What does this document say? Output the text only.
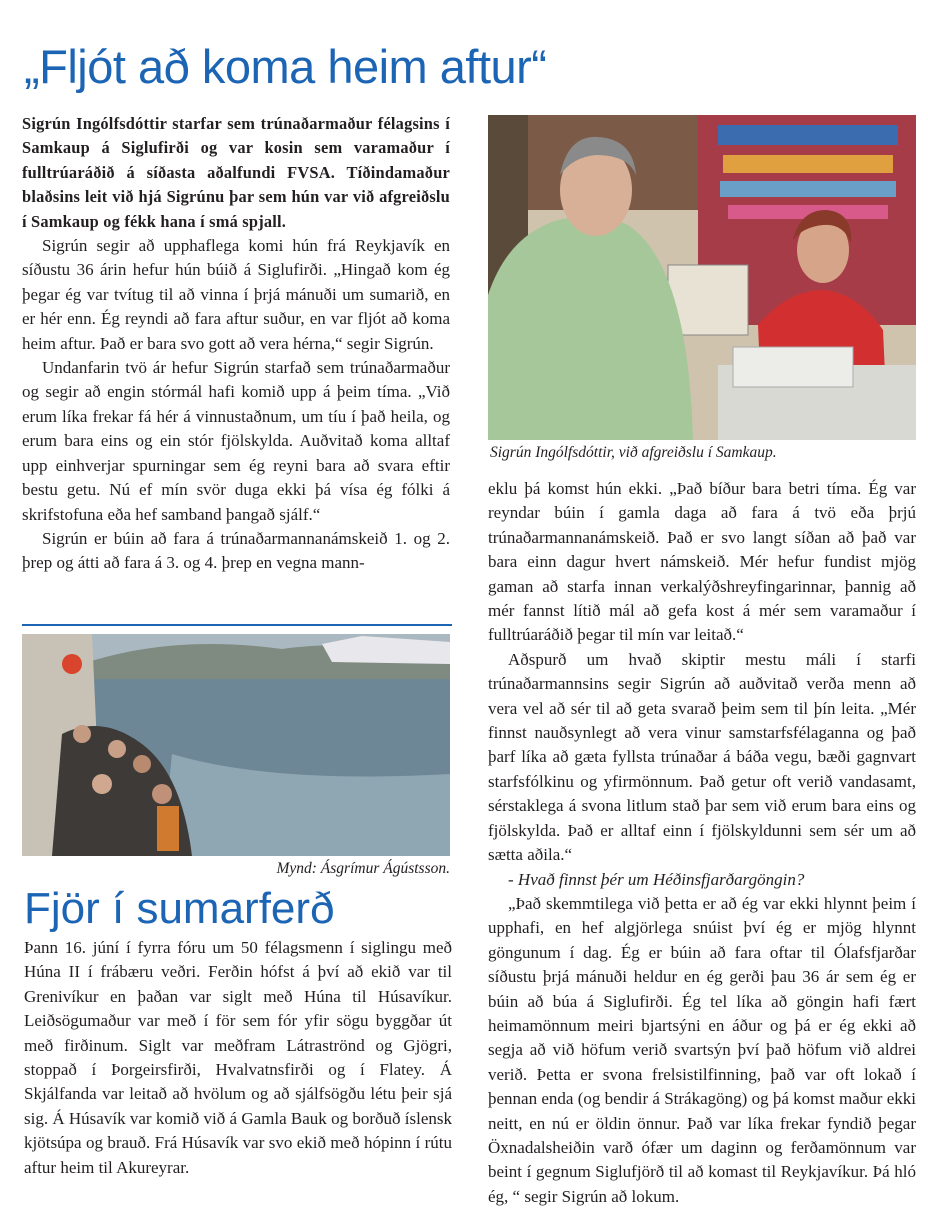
„Fljót að koma heim aftur“

Sigrún Ingólfsdóttir starfar sem trúnaðarmaður félagsins í Samkaup á Siglufirði og var kosin sem varamaður í fulltrúaráðið á síðasta aðalfundi FVSA. Tíðindamaður blaðsins leit við hjá Sigrúnu þar sem hún var við afgreiðslu í Samkaup og fékk hana í smá spjall.

Sigrún segir að upphaflega komi hún frá Reykjavík en síðustu 36 árin hefur hún búið á Siglufirði. „Hingað kom ég þegar ég var tvítug til að vinna í þrjá mánuði um sumarið, en er hér enn. Ég reyndi að fara aftur suður, en var fljót að koma heim aftur. Það er bara svo gott að vera hérna,“ segir Sigrún.

Undanfarin tvö ár hefur Sigrún starfað sem trúnaðarmaður og segir að engin stórmál hafi komið upp á þeim tíma. „Við erum líka frekar fá hér á vinnustaðnum, um tíu í það heila, og erum bara eins og ein stór fjölskylda. Auðvitað koma alltaf upp einhverjar spurningar sem ég reyni bara að svara eftir bestu getu. Nú ef mín svör duga ekki þá vísa ég fólki á skrifstofuna eða hef samband þangað sjálf.“

Sigrún er búin að fara á trúnaðarmannanámskeið 1. og 2. þrep og átti að fara á 3. og 4. þrep en vegna mann-

Sigrún Ingólfsdóttir, við afgreiðslu í Samkaup.
Mynd: Ásgrímur Ágústsson.
Fjör í sumarferð

Þann 16. júní í fyrra fóru um 50 félagsmenn í siglingu með Húna II í frábæru veðri. Ferðin hófst á því að ekið var til Grenivíkur en þaðan var siglt með Húna til Húsavíkur. Leiðsögumaður var með í för sem fór yfir sögu byggðar út með firðinum. Siglt var meðfram Látraströnd og Gjögri, stoppað í Þorgeirsfirði, Hvalvatnsfirði og í Flatey. Á Skjálfanda var leitað að hvölum og að sjálfsögðu létu þeir sjá sig. Á Húsavík var komið við á Gamla Bauk og borðuð íslensk kjötsúpa og brauð. Frá Húsavík var svo ekið með hópinn í rútu aftur heim til Akureyrar.

eklu þá komst hún ekki. „Það bíður bara betri tíma. Ég var reyndar búin í gamla daga að fara á tvö eða þrjú trúnaðarmannanámskeið. Það er svo langt síðan að það var bara einn dagur hvert námskeið. Mér hefur fundist mjög gaman að starfa innan verkalýðshreyfingarinnar, þannig að mér fannst lítið mál að gefa kost á mér sem varamaður í fulltrúaráðið þegar til mín var leitað.“

Aðspurð um hvað skiptir mestu máli í starfi trúnaðarmannsins segir Sigrún að auðvitað verða menn að vera vel að sér til að geta svarað þeim sem til þín leita. „Mér finnst nauðsynlegt að vera vinur samstarfsfélaganna og það þarf líka að gæta fyllsta trúnaðar á báða vegu, bæði gagnvart starfsfólkinu og yfirmönnum. Það getur oft verið vandasamt, sérstaklega á svona litlum stað þar sem við erum bara eins og fjölskylda. Það er alltaf einn í fjölskyldunni sem sér um að sætta aðila.“

- Hvað finnst þér um Héðinsfjarðargöngin?

„Það skemmtilega við þetta er að ég var ekki hlynnt þeim í upphafi, en hef algjörlega snúist því ég er mjög hlynnt göngunum í dag. Ég er búin að fara oftar til Ólafsfjarðar síðustu þrjá mánuði heldur en ég gerði þau 36 ár sem ég er búin að búa á Siglufirði. Ég tel líka að göngin hafi fært heimamönnum meiri bjartsýni en áður og þá er ég ekki að segja að við höfum verið svartsýn því það höfum við aldrei verið. Þetta er svona frelsistilfinning, það var oft lokað í þennan enda (og bendir á Strákagöng) og þá komst maður ekki neitt, en nú er öldin önnur. Það var líka frekar fyndið þegar Öxnadalsheiðin varð ófær um daginn og ferðamönnum var beint í gegnum Siglufjörð til að komast til Reykjavíkur. Þá hló ég, “ segir Sigrún að lokum.
